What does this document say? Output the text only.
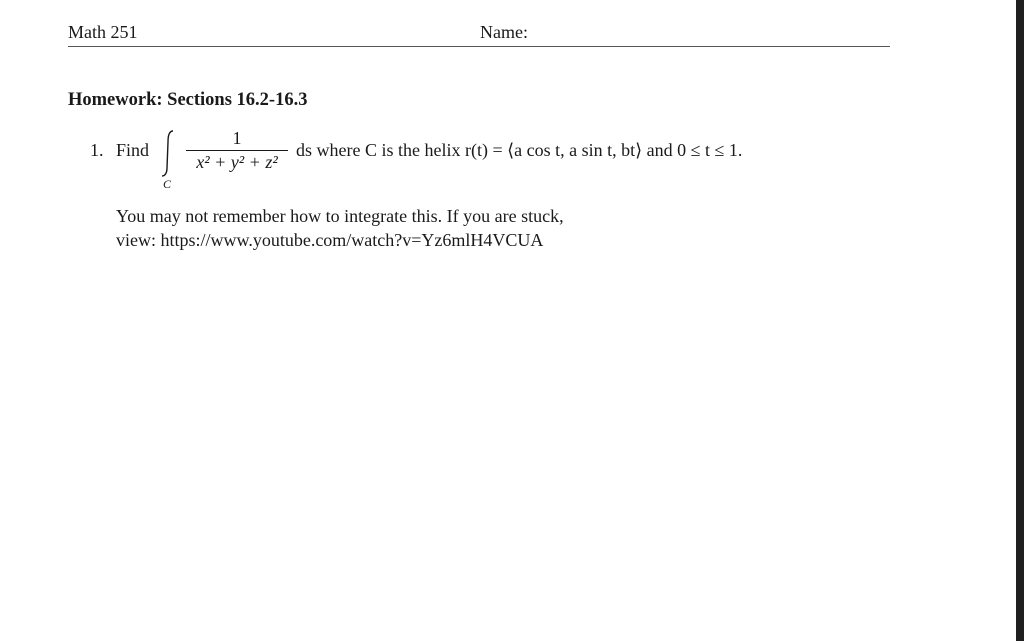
Math 251	Name:
Homework: Sections 16.2-16.3
1. Find
C
1
x² + y² + z²
ds where C is the helix r(t) = ⟨a cos t, a sin t, bt⟩ and 0 ≤ t ≤ 1.
You may not remember how to integrate this. If you are stuck,
view: https://www.youtube.com/watch?v=Yz6mlH4VCUA
